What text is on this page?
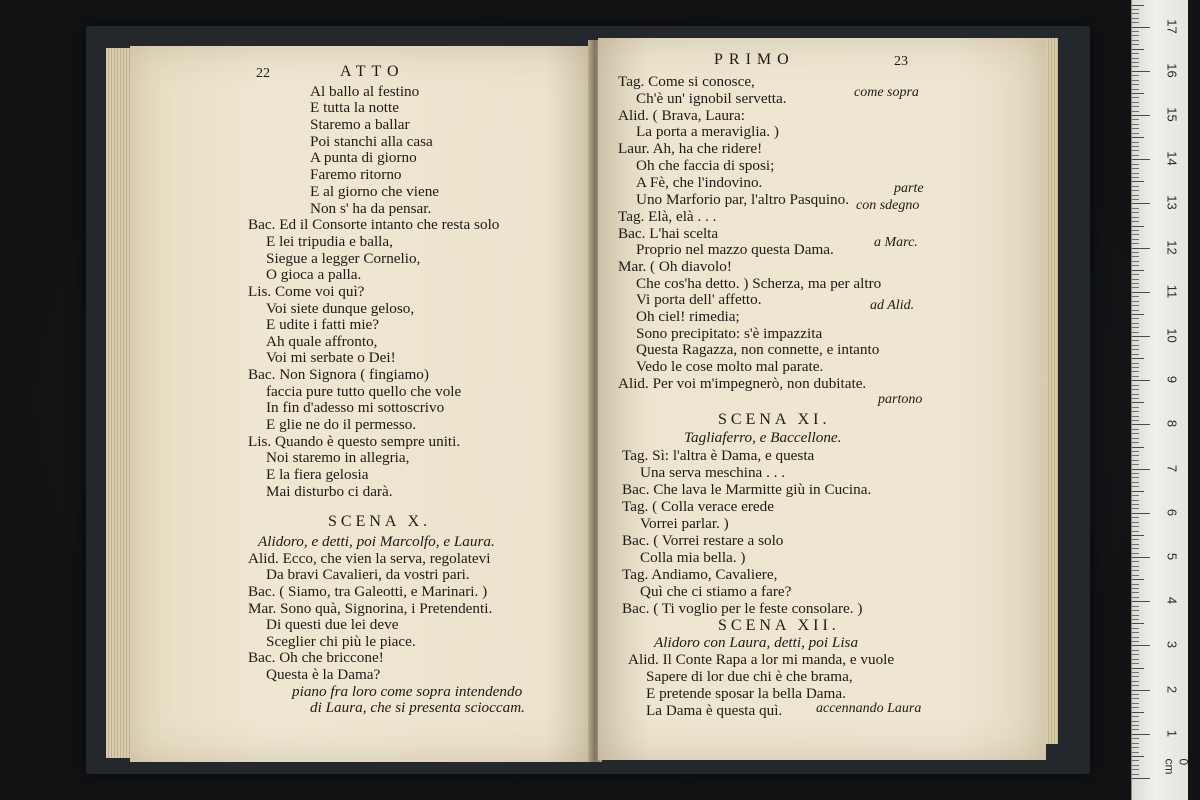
22	ATTO
Al ballo al festino
E tutta la notte
Staremo a ballar
Poi stanchi alla casa
A punta di giorno
Faremo ritorno
E al giorno che viene
Non s' ha da pensar.
Bac. Ed il Consorte intanto che resta solo
E lei tripudia e balla,
Siegue a legger Cornelio,
O gioca a palla.
Lis. Come voi quì?
Voi siete dunque geloso,
E udite i fatti mie?
Ah quale affronto,
Voi mi serbate o Dei!
Bac. Non Signora ( fingiamo)
faccia pure tutto quello che vole
In fin d'adesso mi sottoscrivo
E glie ne do il permesso.
Lis. Quando è questo sempre uniti.
Noi staremo in allegria,
E la fiera gelosia
Mai disturbo ci darà.
SCENA X.
Alidoro, e detti, poi Marcolfo, e Laura.
Alid. Ecco, che vien la serva, regolatevi
Da bravi Cavalieri, da vostri pari.
Bac. ( Siamo, tra Galeotti, e Marinari. )
Mar. Sono quà, Signorina, i Pretendenti.
Di questi due lei deve
Sceglier chi più le piace.
Bac. Oh che briccone!
Questa è la Dama?
piano fra loro come sopra intendendo
di Laura, che si presenta scioccam.
PRIMO	23
Tag. Come si conosce,
Ch'è un' ignobil servetta.	come sopra
Alid. ( Brava, Laura:
La porta a meraviglia. )
Laur. Ah, ha che ridere!
Oh che faccia di sposi;
A Fè, che l'indovino.
Uno Marforio par, l'altro Pasquino.
parte
con sdegno
Tag. Elà, elà . . .
Bac. L'hai scelta
Proprio nel mazzo questa Dama.	a Marc.
Mar. ( Oh diavolo!
Che cos'ha detto. ) Scherza, ma per altro
Vi porta dell' affetto.
Oh ciel! rimedia;
ad Alid.
Sono precipitato: s'è impazzita
Questa Ragazza, non connette, e intanto
Vedo le cose molto mal parate.
Alid. Per voi m'impegnerò, non dubitate.
partono
SCENA XI.
Tagliaferro, e Baccellone.
Tag. Sì: l'altra è Dama, e questa
Una serva meschina . . .
Bac. Che lava le Marmitte giù in Cucina.
Tag. ( Colla verace erede
Vorrei parlar. )
Bac. ( Vorrei restare a solo
Colla mia bella. )
Tag. Andiamo, Cavaliere,
Quì che ci stiamo a fare?
Bac. ( Ti voglio per le feste consolare. )
SCENA XII.
Alidoro con Laura, detti, poi Lisa
Alid. Il Conte Rapa a lor mi manda, e vuole
Sapere di lor due chi è che brama,
E pretende sposar la bella Dama.
La Dama è questa quì. accennando Laura
0 cm
1
2
3
4
5
6
7
8
9
10
11
12
13
14
15
16
17
